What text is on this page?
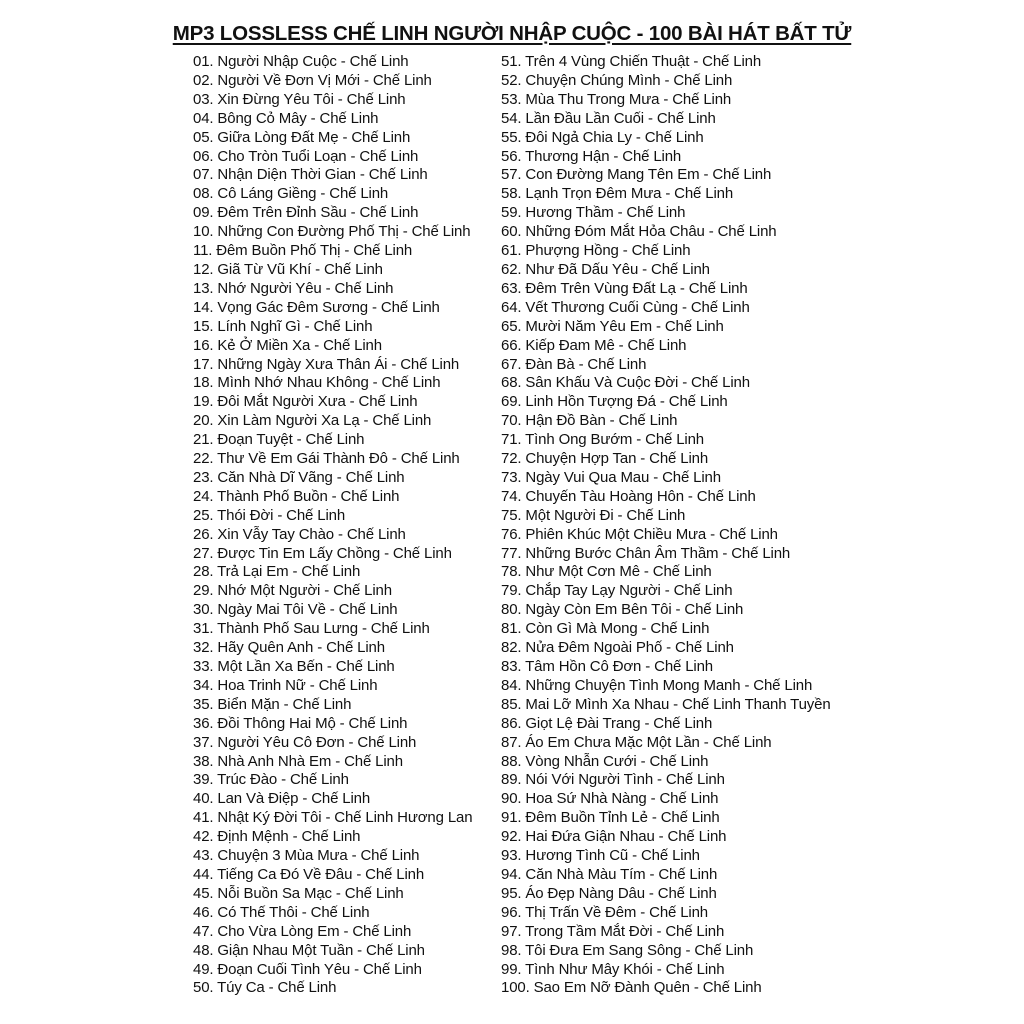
MP3 LOSSLESS CHẾ LINH NGƯỜI NHẬP CUỘC - 100 BÀI HÁT BẤT TỬ
01. Người Nhập Cuộc - Chế Linh
02. Người Về Đơn Vị Mới - Chế Linh
03. Xin Đừng Yêu Tôi - Chế Linh
04. Bông Cỏ Mây - Chế Linh
05. Giữa Lòng Đất Mẹ - Chế Linh
06. Cho Tròn Tuổi Loạn - Chế Linh
07. Nhận Diện Thời Gian - Chế Linh
08. Cô Láng Giềng - Chế Linh
09. Đêm Trên Đỉnh Sầu - Chế Linh
10. Những Con Đường Phố Thị - Chế Linh
11. Đêm Buồn Phố Thị - Chế Linh
12. Giã Từ Vũ Khí - Chế Linh
13. Nhớ Người Yêu - Chế Linh
14. Vọng Gác Đêm Sương - Chế Linh
15. Lính Nghĩ Gì - Chế Linh
16. Kẻ Ở Miền Xa - Chế Linh
17. Những Ngày Xưa Thân Ái - Chế Linh
18. Mình Nhớ Nhau Không - Chế Linh
19. Đôi Mắt Người Xưa - Chế Linh
20. Xin Làm Người Xa Lạ - Chế Linh
21. Đoạn Tuyệt - Chế Linh
22. Thư Về Em Gái Thành Đô - Chế Linh
23. Căn Nhà Dĩ Vãng - Chế Linh
24. Thành Phố Buồn - Chế Linh
25. Thói Đời - Chế Linh
26. Xin Vẫy Tay Chào - Chế Linh
27. Được Tin Em Lấy Chồng - Chế Linh
28. Trả Lại Em - Chế Linh
29. Nhớ Một Người - Chế Linh
30. Ngày Mai Tôi Về - Chế Linh
31. Thành Phố Sau Lưng - Chế Linh
32. Hãy Quên Anh - Chế Linh
33. Một Lần Xa Bến - Chế Linh
34. Hoa Trinh Nữ - Chế Linh
35. Biển Mặn - Chế Linh
36. Đồi Thông Hai Mộ - Chế Linh
37. Người Yêu Cô Đơn - Chế Linh
38. Nhà Anh Nhà Em - Chế Linh
39. Trúc Đào - Chế Linh
40. Lan Và Điệp - Chế Linh
41. Nhật Ký Đời Tôi - Chế Linh Hương Lan
42. Định Mệnh - Chế Linh
43. Chuyện 3 Mùa Mưa - Chế Linh
44. Tiếng Ca Đó Về Đâu - Chế Linh
45. Nỗi Buồn Sa Mạc - Chế Linh
46. Có Thế Thôi - Chế Linh
47. Cho Vừa Lòng Em - Chế Linh
48. Giận Nhau Một Tuần - Chế Linh
49. Đoạn Cuối Tình Yêu - Chế Linh
50. Túy Ca - Chế Linh
51. Trên 4 Vùng Chiến Thuật - Chế Linh
52. Chuyện Chúng Mình - Chế Linh
53. Mùa Thu Trong Mưa - Chế Linh
54. Lần Đầu Lần Cuối - Chế Linh
55. Đôi Ngả Chia Ly - Chế Linh
56. Thương Hận - Chế Linh
57. Con Đường Mang Tên Em - Chế Linh
58. Lạnh Trọn Đêm Mưa - Chế Linh
59. Hương Thầm - Chế Linh
60. Những Đóm Mắt Hỏa Châu - Chế Linh
61. Phượng Hồng - Chế Linh
62. Như Đã Dấu Yêu - Chế Linh
63. Đêm Trên Vùng Đất Lạ - Chế Linh
64. Vết Thương Cuối Cùng - Chế Linh
65. Mười Năm Yêu Em - Chế Linh
66. Kiếp Đam Mê - Chế Linh
67. Đàn Bà - Chế Linh
68. Sân Khấu Và Cuộc Đời - Chế Linh
69. Linh Hồn Tượng Đá - Chế Linh
70. Hận Đồ Bàn - Chế Linh
71. Tình Ong Bướm - Chế Linh
72. Chuyện Hợp Tan - Chế Linh
73. Ngày Vui Qua Mau - Chế Linh
74. Chuyến Tàu Hoàng Hôn - Chế Linh
75. Một Người Đi - Chế Linh
76. Phiên Khúc Một Chiều Mưa - Chế Linh
77. Những Bước Chân Âm Thầm - Chế Linh
78. Như Một Cơn Mê - Chế Linh
79. Chắp Tay Lạy Người - Chế Linh
80. Ngày Còn Em Bên Tôi - Chế Linh
81. Còn Gì Mà Mong - Chế Linh
82. Nửa Đêm Ngoài Phố - Chế Linh
83. Tâm Hồn Cô Đơn - Chế Linh
84. Những Chuyện Tình Mong Manh - Chế Linh
85. Mai Lỡ Mình Xa Nhau - Chế Linh Thanh Tuyền
86. Giọt Lệ Đài Trang - Chế Linh
87. Áo Em Chưa Mặc Một Lần - Chế Linh
88. Vòng Nhẫn Cưới - Chế Linh
89. Nói Với Người Tình - Chế Linh
90. Hoa Sứ Nhà Nàng - Chế Linh
91. Đêm Buồn Tỉnh Lẻ - Chế Linh
92. Hai Đứa Giận Nhau - Chế Linh
93. Hương Tình Cũ - Chế Linh
94. Căn Nhà Màu Tím - Chế Linh
95. Áo Đẹp Nàng Dâu - Chế Linh
96. Thị Trấn Về Đêm - Chế Linh
97. Trong Tầm Mắt Đời - Chế Linh
98. Tôi Đưa Em Sang Sông - Chế Linh
99. Tình Như Mây Khói - Chế Linh
100. Sao Em Nỡ Đành Quên - Chế Linh
